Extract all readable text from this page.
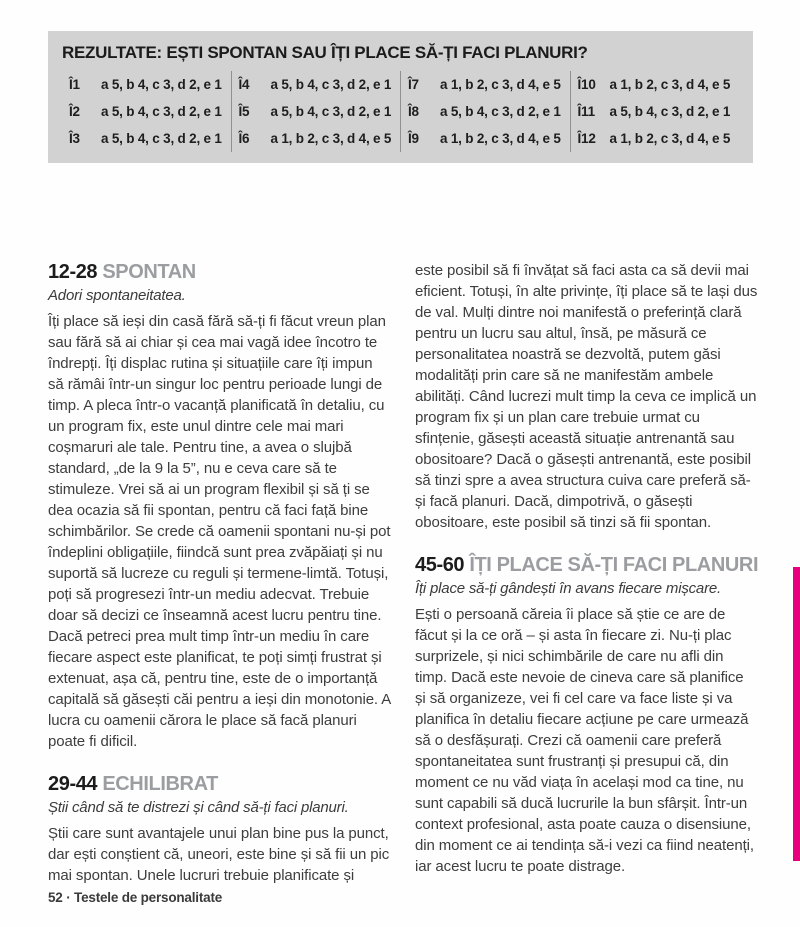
REZULTATE: EȘTI SPONTAN SAU ÎȚI PLACE SĂ-ȚI FACI PLANURI?
Î1	a 5, b 4, c 3, d 2, e 1
Î2	a 5, b 4, c 3, d 2, e 1
Î3	a 5, b 4, c 3, d 2, e 1
Î4	a 5, b 4, c 3, d 2, e 1
Î5	a 5, b 4, c 3, d 2, e 1
Î6	a 1, b 2, c 3, d 4, e 5
Î7	a 1, b 2, c 3, d 4, e 5
Î8	a 5, b 4, c 3, d 2, e 1
Î9	a 1, b 2, c 3, d 4, e 5
Î10	a 1, b 2, c 3, d 4, e 5
Î11	a 5, b 4, c 3, d 2, e 1
Î12	a 1, b 2, c 3, d 4, e 5
12-28 SPONTAN
Adori spontaneitatea.
Îți place să ieși din casă fără să-ți fi făcut vreun plan sau fără să ai chiar și cea mai vagă idee încotro te îndrepți. Îți displac rutina și situațiile care îți impun să rămâi într-un singur loc pentru perioade lungi de timp. A pleca într-o vacanță planificată în detaliu, cu un program fix, este unul dintre cele mai mari coșmaruri ale tale. Pentru tine, a avea o slujbă standard, „de la 9 la 5”, nu e ceva care să te stimuleze. Vrei să ai un program flexibil și să ți se dea ocazia să fii spontan, pentru că faci față bine schimbărilor. Se crede că oamenii spontani nu-și pot îndeplini obligațiile, fiindcă sunt prea zvăpăiați și nu suportă să lucreze cu reguli și termene-limtă. Totuși, poți să progresezi într-un mediu adecvat. Trebuie doar să decizi ce înseamnă acest lucru pentru tine. Dacă petreci prea mult timp într-un mediu în care fiecare aspect este planificat, te poți simți frustrat și extenuat, așa că, pentru tine, este de o importanță capitală să găsești căi pentru a ieși din monotonie. A lucra cu oamenii cărora le place să facă planuri poate fi dificil.
29-44 ECHILIBRAT
Știi când să te distrezi și când să-ți faci planuri.
Știi care sunt avantajele unui plan bine pus la punct, dar ești conștient că, uneori, este bine și să fii un pic mai spontan. Unele lucruri trebuie planificate și
este posibil să fi învățat să faci asta ca să devii mai eficient. Totuși, în alte privințe, îți place să te lași dus de val. Mulți dintre noi manifestă o preferință clară pentru un lucru sau altul, însă, pe măsură ce personalitatea noastră se dezvoltă, putem găsi modalități prin care să ne manifestăm ambele abilități. Când lucrezi mult timp la ceva ce implică un program fix și un plan care trebuie urmat cu sfințenie, găsești această situație antrenantă sau obositoare? Dacă o găsești antrenantă, este posibil să tinzi spre a avea structura cuiva care preferă să-și facă planuri. Dacă, dimpotrivă, o găsești obositoare, este posibil să tinzi să fii spontan.
45-60 ÎȚI PLACE SĂ-ȚI FACI PLANURI
Îți place să-ți gândești în avans fiecare mișcare.
Ești o persoană căreia îi place să știe ce are de făcut și la ce oră – și asta în fiecare zi. Nu-ți plac surprizele, și nici schimbările de care nu afli din timp. Dacă este nevoie de cineva care să planifice și să organizeze, vei fi cel care va face liste și va planifica în detaliu fiecare acțiune pe care urmează să o desfășurați. Crezi că oamenii care preferă spontaneitatea sunt frustranți și presupui că, din moment ce nu văd viața în același mod ca tine, nu sunt capabili să ducă lucrurile la bun sfârșit. Într-un context profesional, asta poate cauza o disensiune, din moment ce ai tendința să-i vezi ca fiind neatenți, iar acest lucru te poate distrage.
52 · Testele de personalitate
